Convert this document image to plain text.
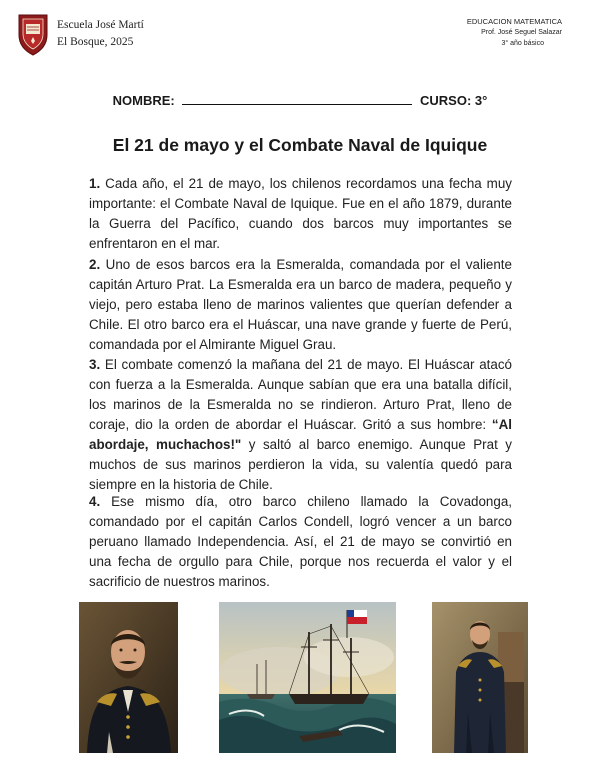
Escuela José Martí
El Bosque, 2025
EDUCACION MATEMATICA
Prof. José Seguel Salazar
3° año básico
NOMBRE:	CURSO: 3°
El 21 de mayo y el Combate Naval de Iquique
1. Cada año, el 21 de mayo, los chilenos recordamos una fecha muy importante: el Combate Naval de Iquique. Fue en el año 1879, durante la Guerra del Pacífico, cuando dos barcos muy importantes se enfrentaron en el mar.
2. Uno de esos barcos era la Esmeralda, comandada por el valiente capitán Arturo Prat. La Esmeralda era un barco de madera, pequeño y viejo, pero estaba lleno de marinos valientes que querían defender a Chile. El otro barco era el Huáscar, una nave grande y fuerte de Perú, comandada por el Almirante Miguel Grau.
3. El combate comenzó la mañana del 21 de mayo. El Huáscar atacó con fuerza a la Esmeralda. Aunque sabían que era una batalla difícil, los marinos de la Esmeralda no se rindieron. Arturo Prat, lleno de coraje, dio la orden de abordar el Huáscar. Gritó a sus hombre: “Al abordaje, muchachos!" y saltó al barco enemigo. Aunque Prat y muchos de sus marinos perdieron la vida, su valentía quedó para siempre en la historia de Chile.
4. Ese mismo día, otro barco chileno llamado la Covadonga, comandado por el capitán Carlos Condell, logró vencer a un barco peruano llamado Independencia. Así, el 21 de mayo se convirtió en una fecha de orgullo para Chile, porque nos recuerda el valor y el sacrificio de nuestros marinos.
